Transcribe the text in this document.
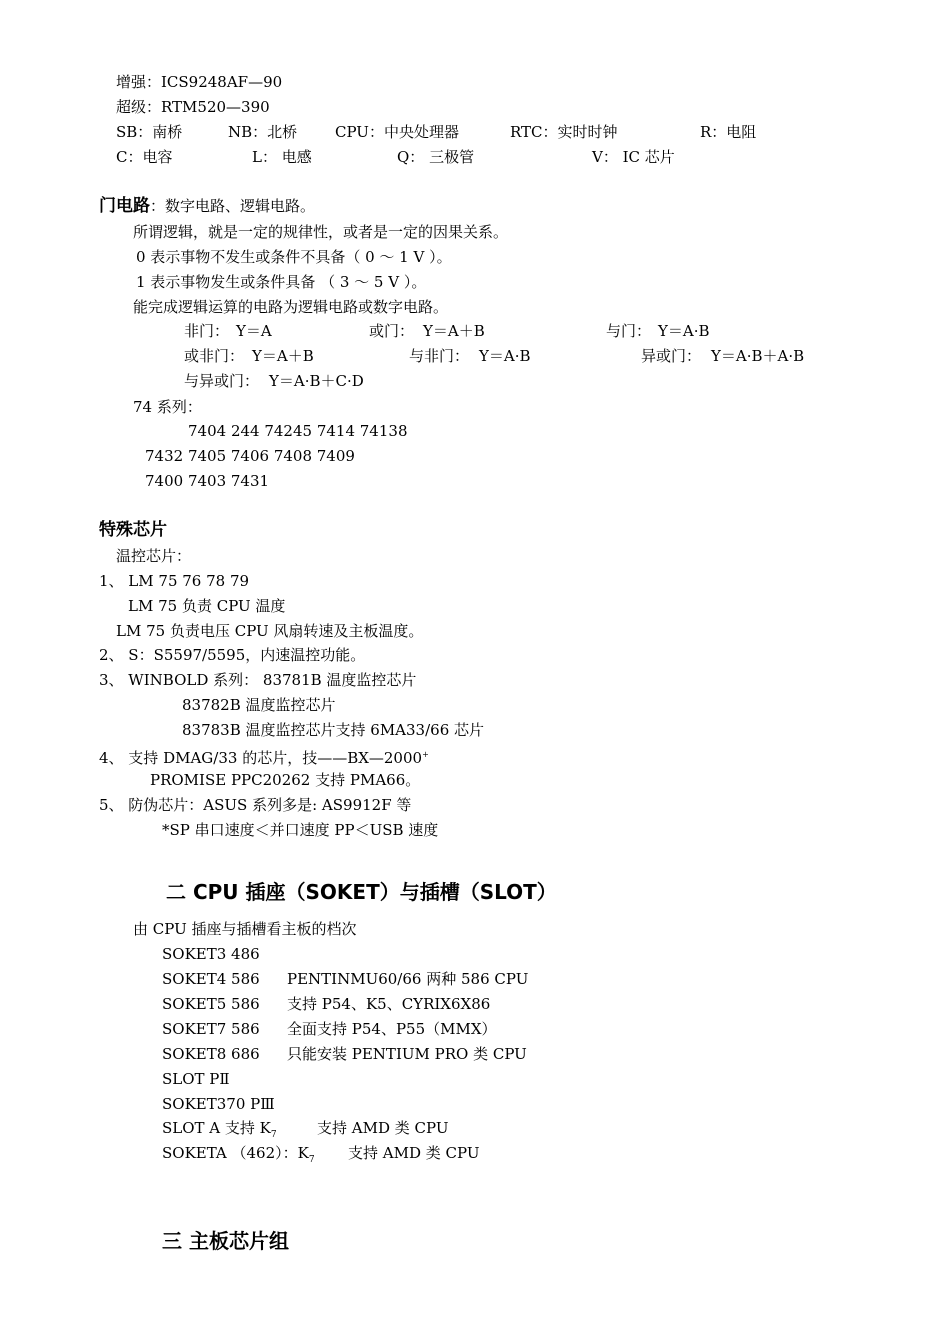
增强：ICS9248AF—90
超级：RTM520—390
SB：南桥	NB：北桥	CPU：中央处理器	RTC：实时时钟	R：电阻
C：电容	L： 电感	Q： 三极管	V： IC 芯片
门电路：数字电路、逻辑电路。
所谓逻辑，就是一定的规律性，或者是一定的因果关系。
0 表示事物不发生或条件不具备（ 0 ～ 1 V ）。
1 表示事物发生或条件具备 （ 3 ～ 5 V ）。
能完成逻辑运算的电路为逻辑电路或数字电路。
非门： Y＝A	或门： Y＝A＋B	与门： Y＝A·B
或非门： Y＝A＋B	与非门： Y＝A·B	异或门： Y＝A·B＋A·B
与异或门： Y＝A·B＋C·D
74 系列：
7404 244 74245 7414 74138
7432 7405 7406 7408 7409
7400 7403 7431
特殊芯片
温控芯片：
1、 LM 75 76 78 79
LM 75 负责 CPU 温度
LM 75 负责电压 CPU 风扇转速及主板温度。
2、 S：S5597/5595，内速温控功能。
3、 WINBOLD 系列： 83781B 温度监控芯片
83782B 温度监控芯片
83783B 温度监控芯片支持 6MA33/66 芯片
4、 支持 DMAG/33 的芯片，技——BX—2000+
PROMISE PPC20262 支持 PMA66。
5、 防伪芯片：ASUS 系列多是: AS9912F 等
*SP 串口速度＜并口速度 PP＜USB 速度
二 CPU 插座（SOKET）与插槽（SLOT）
由 CPU 插座与插槽看主板的档次
SOKET3 486
SOKET4 586 PENTINMU60/66 两种 586 CPU
SOKET5 586 支持 P54、K5、CYRIX6X86
SOKET7 586 全面支持 P54、P55（MMX）
SOKET8 686 只能安装 PENTIUM PRO 类 CPU
SLOT PⅡ
SOKET370 PⅢ
SLOT A 支持 $K_7$	支持 AMD 类 CPU
SOKETA （462）：$K_7$ 支持 AMD 类 CPU
三 主板芯片组
